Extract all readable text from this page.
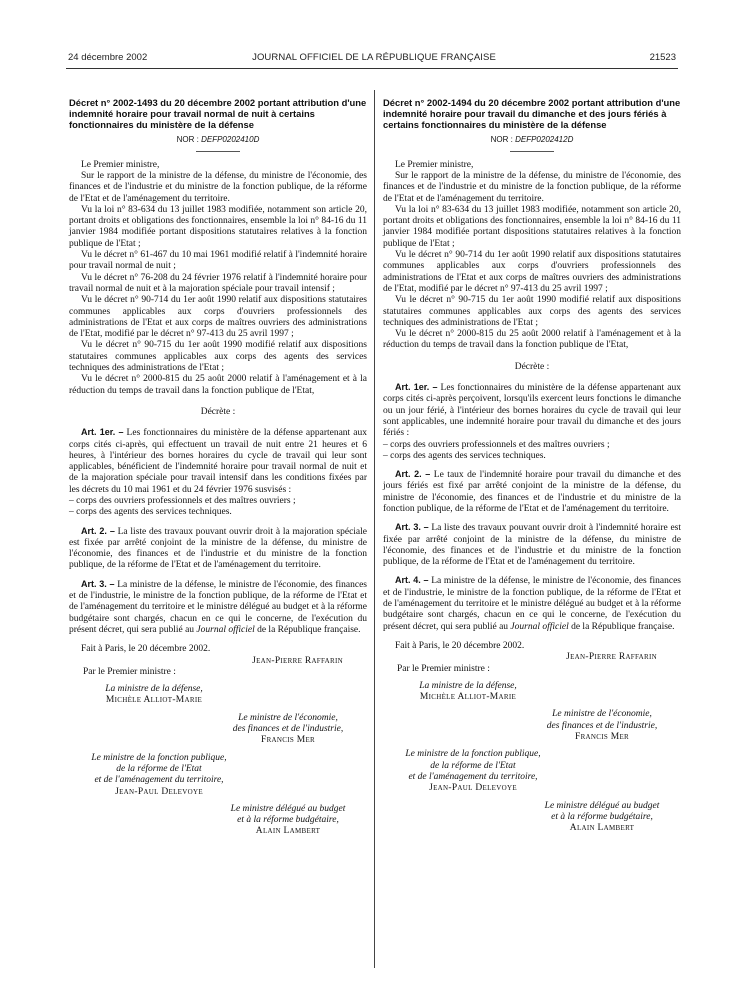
24 décembre 2002	JOURNAL OFFICIEL DE LA RÉPUBLIQUE FRANÇAISE	21523
Décret n° 2002-1493 du 20 décembre 2002 portant attribution d'une indemnité horaire pour travail normal de nuit à certains fonctionnaires du ministère de la défense
NOR : DEFP0202410D

Le Premier ministre,

Sur le rapport de la ministre de la défense, du ministre de l'économie, des finances et de l'industrie et du ministre de la fonction publique, de la réforme de l'Etat et de l'aménagement du territoire.

Vu la loi n° 83-634 du 13 juillet 1983 modifiée, notamment son article 20, portant droits et obligations des fonctionnaires, ensemble la loi n° 84-16 du 11 janvier 1984 modifiée portant dispositions statutaires relatives à la fonction publique de l'Etat ;

Vu le décret n° 61-467 du 10 mai 1961 modifié relatif à l'indemnité horaire pour travail normal de nuit ;

Vu le décret n° 76-208 du 24 février 1976 relatif à l'indemnité horaire pour travail normal de nuit et à la majoration spéciale pour travail intensif ;

Vu le décret n° 90-714 du 1er août 1990 relatif aux dispositions statutaires communes applicables aux corps d'ouvriers professionnels des administrations de l'Etat et aux corps de maîtres ouvriers des administrations de l'Etat, modifié par le décret n° 97-413 du 25 avril 1997 ;

Vu le décret n° 90-715 du 1er août 1990 modifié relatif aux dispositions statutaires communes applicables aux corps des agents des services techniques des administrations de l'Etat ;

Vu le décret n° 2000-815 du 25 août 2000 relatif à l'aménagement et à la réduction du temps de travail dans la fonction publique de l'Etat,

Décrète :

Art. 1er. – Les fonctionnaires du ministère de la défense appartenant aux corps cités ci-après, qui effectuent un travail de nuit entre 21 heures et 6 heures, à l'intérieur des bornes horaires du cycle de travail qui leur sont applicables, bénéficient de l'indemnité horaire pour travail normal de nuit et de la majoration spéciale pour travail intensif dans les conditions fixées par les décrets du 10 mai 1961 et du 24 février 1976 susvisés :

– corps des ouvriers professionnels et des maîtres ouvriers ;

– corps des agents des services techniques.

Art. 2. – La liste des travaux pouvant ouvrir droit à la majoration spéciale est fixée par arrêté conjoint de la ministre de la défense, du ministre de l'économie, des finances et de l'industrie et du ministre de la fonction publique, de la réforme de l'Etat et de l'aménagement du territoire.

Art. 3. – La ministre de la défense, le ministre de l'économie, des finances et de l'industrie, le ministre de la fonction publique, de la réforme de l'Etat et de l'aménagement du territoire et le ministre délégué au budget et à la réforme budgétaire sont chargés, chacun en ce qui le concerne, de l'exécution du présent décret, qui sera publié au Journal officiel de la République française.

Fait à Paris, le 20 décembre 2002.

Jean-Pierre Raffarin
Par le Premier ministre :
La ministre de la défense,
Michèle Alliot-Marie
Le ministre de l'économie,
des finances et de l'industrie,
Francis Mer
Le ministre de la fonction publique,
de la réforme de l'Etat
et de l'aménagement du territoire,
Jean-Paul Delevoye
Le ministre délégué au budget
et à la réforme budgétaire,
Alain Lambert
Décret n° 2002-1494 du 20 décembre 2002 portant attribution d'une indemnité horaire pour travail du dimanche et des jours fériés à certains fonctionnaires du ministère de la défense
NOR : DEFP0202412D

Le Premier ministre,

Sur le rapport de la ministre de la défense, du ministre de l'économie, des finances et de l'industrie et du ministre de la fonction publique, de la réforme de l'Etat et de l'aménagement du territoire.

Vu la loi n° 83-634 du 13 juillet 1983 modifiée, notamment son article 20, portant droits et obligations des fonctionnaires, ensemble la loi n° 84-16 du 11 janvier 1984 modifiée portant dispositions statutaires relatives à la fonction publique de l'Etat ;

Vu le décret n° 90-714 du 1er août 1990 relatif aux dispositions statutaires communes applicables aux corps d'ouvriers professionnels des administrations de l'Etat et aux corps de maîtres ouvriers des administrations de l'Etat, modifié par le décret n° 97-413 du 25 avril 1997 ;

Vu le décret n° 90-715 du 1er août 1990 modifié relatif aux dispositions statutaires communes applicables aux corps des agents des services techniques des administrations de l'Etat ;

Vu le décret n° 2000-815 du 25 août 2000 relatif à l'aménagement et à la réduction du temps de travail dans la fonction publique de l'Etat,

Décrète :

Art. 1er. – Les fonctionnaires du ministère de la défense appartenant aux corps cités ci-après perçoivent, lorsqu'ils exercent leurs fonctions le dimanche ou un jour férié, à l'intérieur des bornes horaires du cycle de travail qui leur sont applicables, une indemnité horaire pour travail du dimanche et des jours fériés :

– corps des ouvriers professionnels et des maîtres ouvriers ;

– corps des agents des services techniques.

Art. 2. – Le taux de l'indemnité horaire pour travail du dimanche et des jours fériés est fixé par arrêté conjoint de la ministre de la défense, du ministre de l'économie, des finances et de l'industrie et du ministre de la fonction publique, de la réforme de l'Etat et de l'aménagement du territoire.

Art. 3. – La liste des travaux pouvant ouvrir droit à l'indemnité horaire est fixée par arrêté conjoint de la ministre de la défense, du ministre de l'économie, des finances et de l'industrie et du ministre de la fonction publique, de la réforme de l'Etat et de l'aménagement du territoire.

Art. 4. – La ministre de la défense, le ministre de l'économie, des finances et de l'industrie, le ministre de la fonction publique, de la réforme de l'Etat et de l'aménagement du territoire et le ministre délégué au budget et à la réforme budgétaire sont chargés, chacun en ce qui le concerne, de l'exécution du présent décret, qui sera publié au Journal officiel de la République française.

Fait à Paris, le 20 décembre 2002.

Jean-Pierre Raffarin
Par le Premier ministre :
La ministre de la défense,
Michèle Alliot-Marie
Le ministre de l'économie,
des finances et de l'industrie,
Francis Mer
Le ministre de la fonction publique,
de la réforme de l'Etat
et de l'aménagement du territoire,
Jean-Paul Delevoye
Le ministre délégué au budget
et à la réforme budgétaire,
Alain Lambert
